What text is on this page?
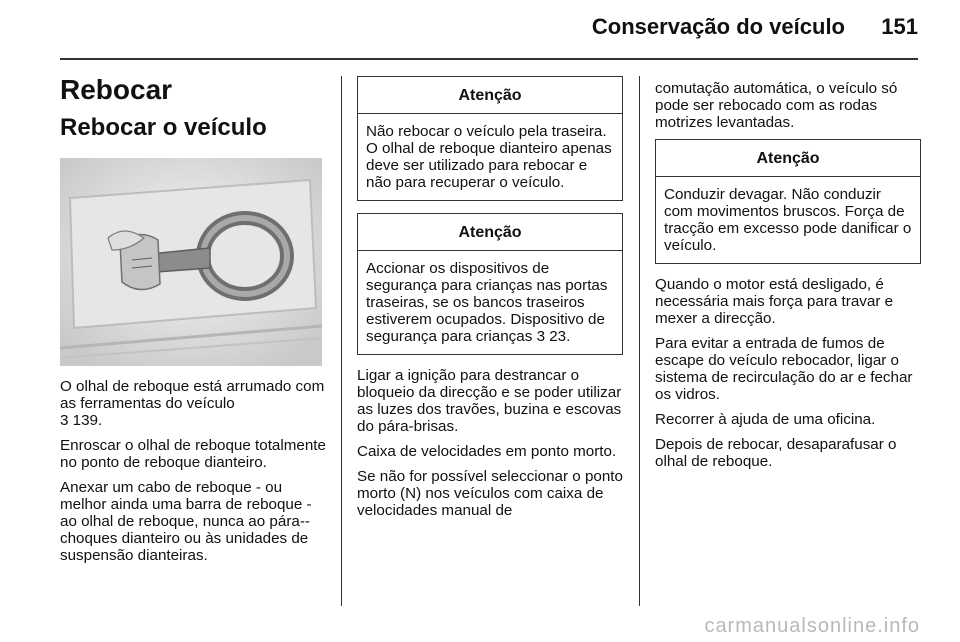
Conservação do veículo 151
Rebocar
Rebocar o veículo

O olhal de reboque está arrumado com as ferramentas do veículo
3 139.

Enroscar o olhal de reboque totalmente no ponto de reboque dianteiro.

Anexar um cabo de reboque - ou melhor ainda uma barra de reboque - ao olhal de reboque, nunca ao pára--choques dianteiro ou às unidades de suspensão dianteiras.

Atenção
Não rebocar o veículo pela traseira. O olhal de reboque dianteiro apenas deve ser utilizado para rebocar e não para recuperar o veículo.
Atenção
Accionar os dispositivos de segurança para crianças nas portas traseiras, se os bancos traseiros estiverem ocupados. Dispositivo de segurança para crianças 3 23.

Ligar a ignição para destrancar o bloqueio da direcção e se poder utilizar as luzes dos travões, buzina e escovas do pára-brisas.

Caixa de velocidades em ponto morto.

Se não for possível seleccionar o ponto morto (N) nos veículos com caixa de velocidades manual de

comutação automática, o veículo só pode ser rebocado com as rodas motrizes levantadas.

Atenção
Conduzir devagar. Não conduzir com movimentos bruscos. Força de tracção em excesso pode danificar o veículo.

Quando o motor está desligado, é necessária mais força para travar e mexer a direcção.

Para evitar a entrada de fumos de escape do veículo rebocador, ligar o sistema de recirculação do ar e fechar os vidros.

Recorrer à ajuda de uma oficina.

Depois de rebocar, desaparafusar o olhal de reboque.

carmanualsonline.info
